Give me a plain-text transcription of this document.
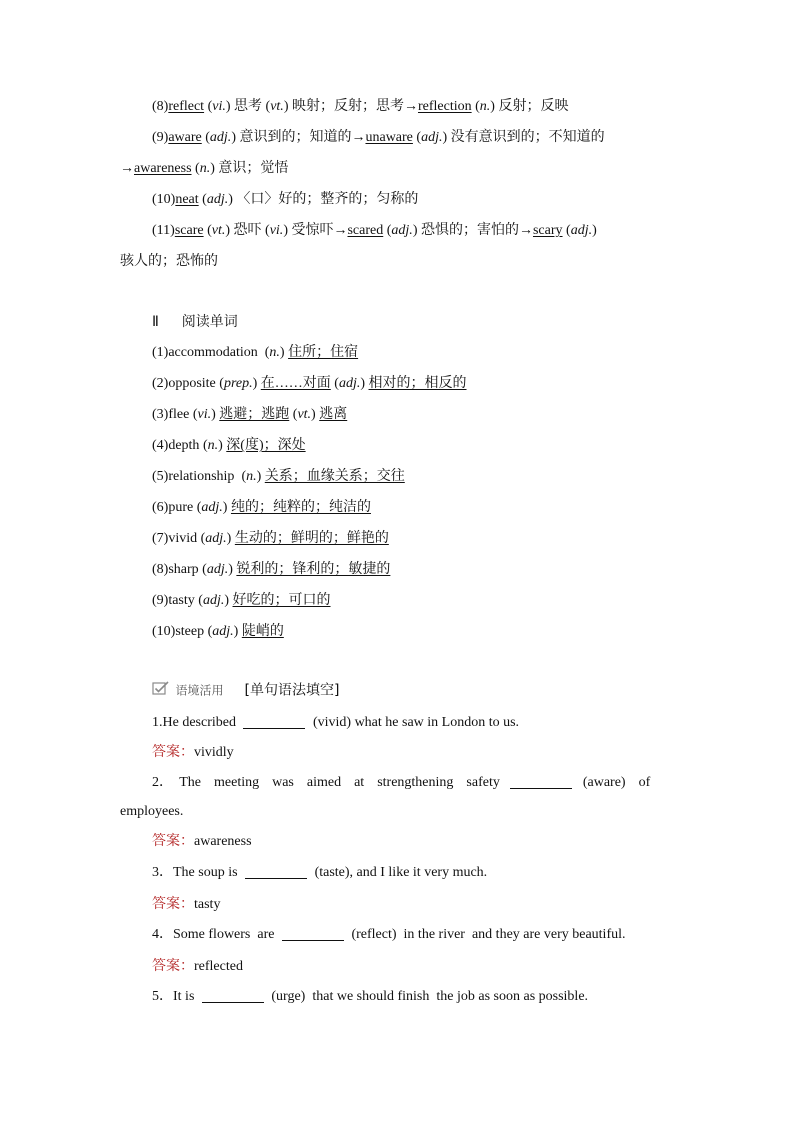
(8)reflect (vi.) 思考 (vt.) 映射；反射；思考→reflection (n.) 反射；反映
(9)aware (adj.) 意识到的；知道的→unaware (adj.) 没有意识到的；不知道的
→awareness (n.) 意识；觉悟
(10)neat (adj.) 〈口〉好的；整齐的；匀称的
(11)scare (vt.) 恐吓 (vi.) 受惊吓→scared (adj.) 恐惧的；害怕的→scary (adj.)
骇人的；恐怖的
Ⅱ 阅读单词
(1)accommodation  (n.) 住所；住宿
(2)opposite (prep.) 在……对面 (adj.) 相对的；相反的
(3)flee (vi.) 逃避；逃跑 (vt.) 逃离
(4)depth (n.) 深(度)；深处
(5)relationship  (n.) 关系；血缘关系；交往
(6)pure (adj.) 纯的；纯粹的；纯洁的
(7)vivid (adj.) 生动的；鲜明的；鲜艳的
(8)sharp (adj.) 锐利的；锋利的；敏捷的
(9)tasty (adj.) 好吃的；可口的
(10)steep (adj.) 陡峭的
语境活用 [单句语法填空]
1.He described	(vivid) what he saw in London to us.
答案：vividly
2． The  meeting  was  aimed  at  strengthening  safety	(aware)  of
employees.
答案：awareness
3．The soup is	(taste), and I like it very much.
答案：tasty
4．Some flowers  are	(reflect)  in the river  and they are very beautiful.
答案：reflected
5．It is	(urge)  that we should finish  the job as soon as possible.
